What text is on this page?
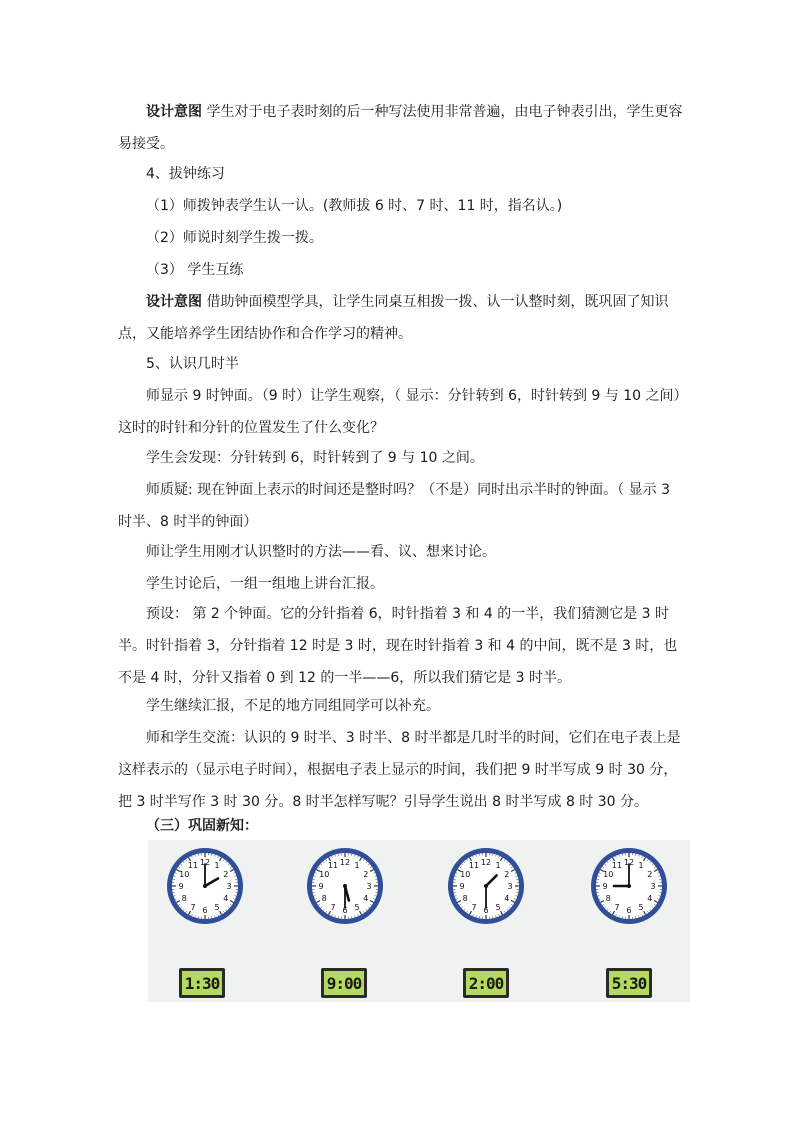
设计意图 学生对于电子表时刻的后一种写法使用非常普遍，由电子钟表引出，学生更容易接受。

4、拔钟练习

（1）师拨钟表学生认一认。(教师拔 6 时、7 时、11 时，指名认。)

（2）师说时刻学生拨一拨。

（3） 学生互练

设计意图 借助钟面模型学具，让学生同桌互相拨一拨、认一认整时刻，既巩固了知识点，又能培养学生团结协作和合作学习的精神。

5、认识几时半

师显示 9 时钟面。（9 时）让学生观察，（ 显示：分针转到 6，时针转到 9 与 10 之间）这时的时针和分针的位置发生了什么变化？

学生会发现：分针转到 6，时针转到了 9 与 10 之间。

师质疑: 现在钟面上表示的时间还是整时吗？（不是）同时出示半时的钟面。（ 显示 3 时半、8 时半的钟面）

师让学生用刚才认识整时的方法——看、议、想来讨论。

学生讨论后，一组一组地上讲台汇报。

预设： 第 2 个钟面。它的分针指着 6，时针指着 3 和 4 的一半，我们猜测它是 3 时半。时针指着 3，分针指着 12 时是 3 时，现在时针指着 3 和 4 的中间，既不是 3 时，也不是 4 时，分针又指着 0 到 12 的一半——6，所以我们猜它是 3 时半。

学生继续汇报，不足的地方同组同学可以补充。

师和学生交流：认识的 9 时半、3 时半、8 时半都是几时半的时间，它们在电子表上是这样表示的（显示电子时间），根据电子表上显示的时间，我们把 9 时半写成 9 时 30 分，把 3 时半写作 3 时 30 分。8 时半怎样写呢？引导学生说出 8 时半写成 8 时 30 分。

（三）巩固新知：

12 1
2
3
4
5
6
7
8
9
10
11	12 1
2
3
4
5
6
7
8
9
10
11	12 1
2
3
4
5
6
7
8
9
10
11	12 1
2
3
4
5
6
7
8
9
10
11
1:30	9:00	2:00	5:30
